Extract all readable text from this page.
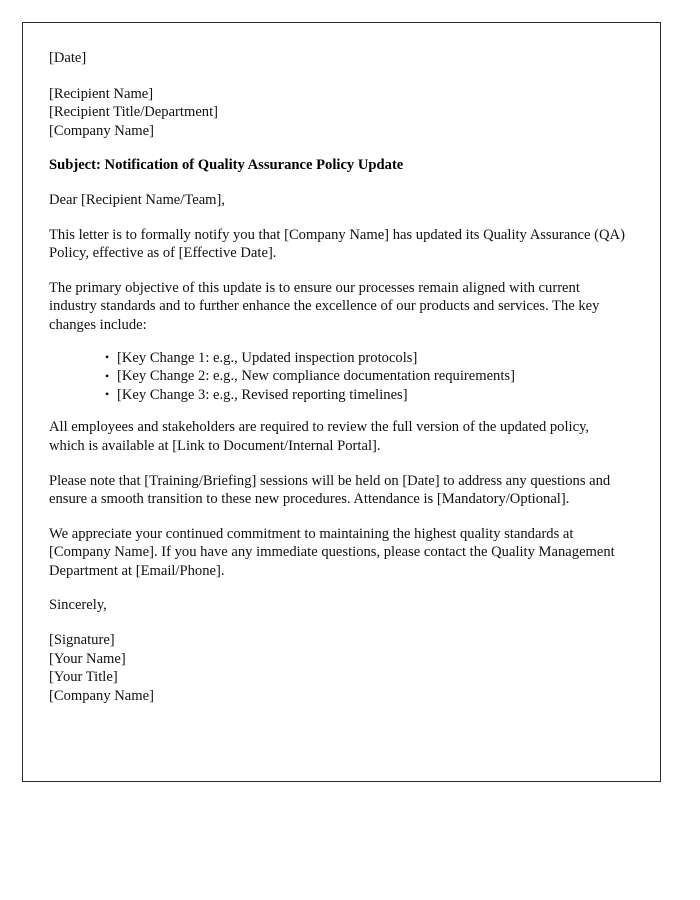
[Date]
[Recipient Name]
[Recipient Title/Department]
[Company Name]
Subject: Notification of Quality Assurance Policy Update
Dear [Recipient Name/Team],

This letter is to formally notify you that [Company Name] has updated its Quality Assurance (QA) Policy, effective as of [Effective Date].

The primary objective of this update is to ensure our processes remain aligned with current industry standards and to further enhance the excellence of our products and services. The key changes include:

• [Key Change 1: e.g., Updated inspection protocols]
• [Key Change 2: e.g., New compliance documentation requirements]
• [Key Change 3: e.g., Revised reporting timelines]

All employees and stakeholders are required to review the full version of the updated policy, which is available at [Link to Document/Internal Portal].

Please note that [Training/Briefing] sessions will be held on [Date] to address any questions and ensure a smooth transition to these new procedures. Attendance is [Mandatory/Optional].

We appreciate your continued commitment to maintaining the highest quality standards at [Company Name]. If you have any immediate questions, please contact the Quality Management Department at [Email/Phone].

Sincerely,
[Signature]
[Your Name]
[Your Title]
[Company Name]
